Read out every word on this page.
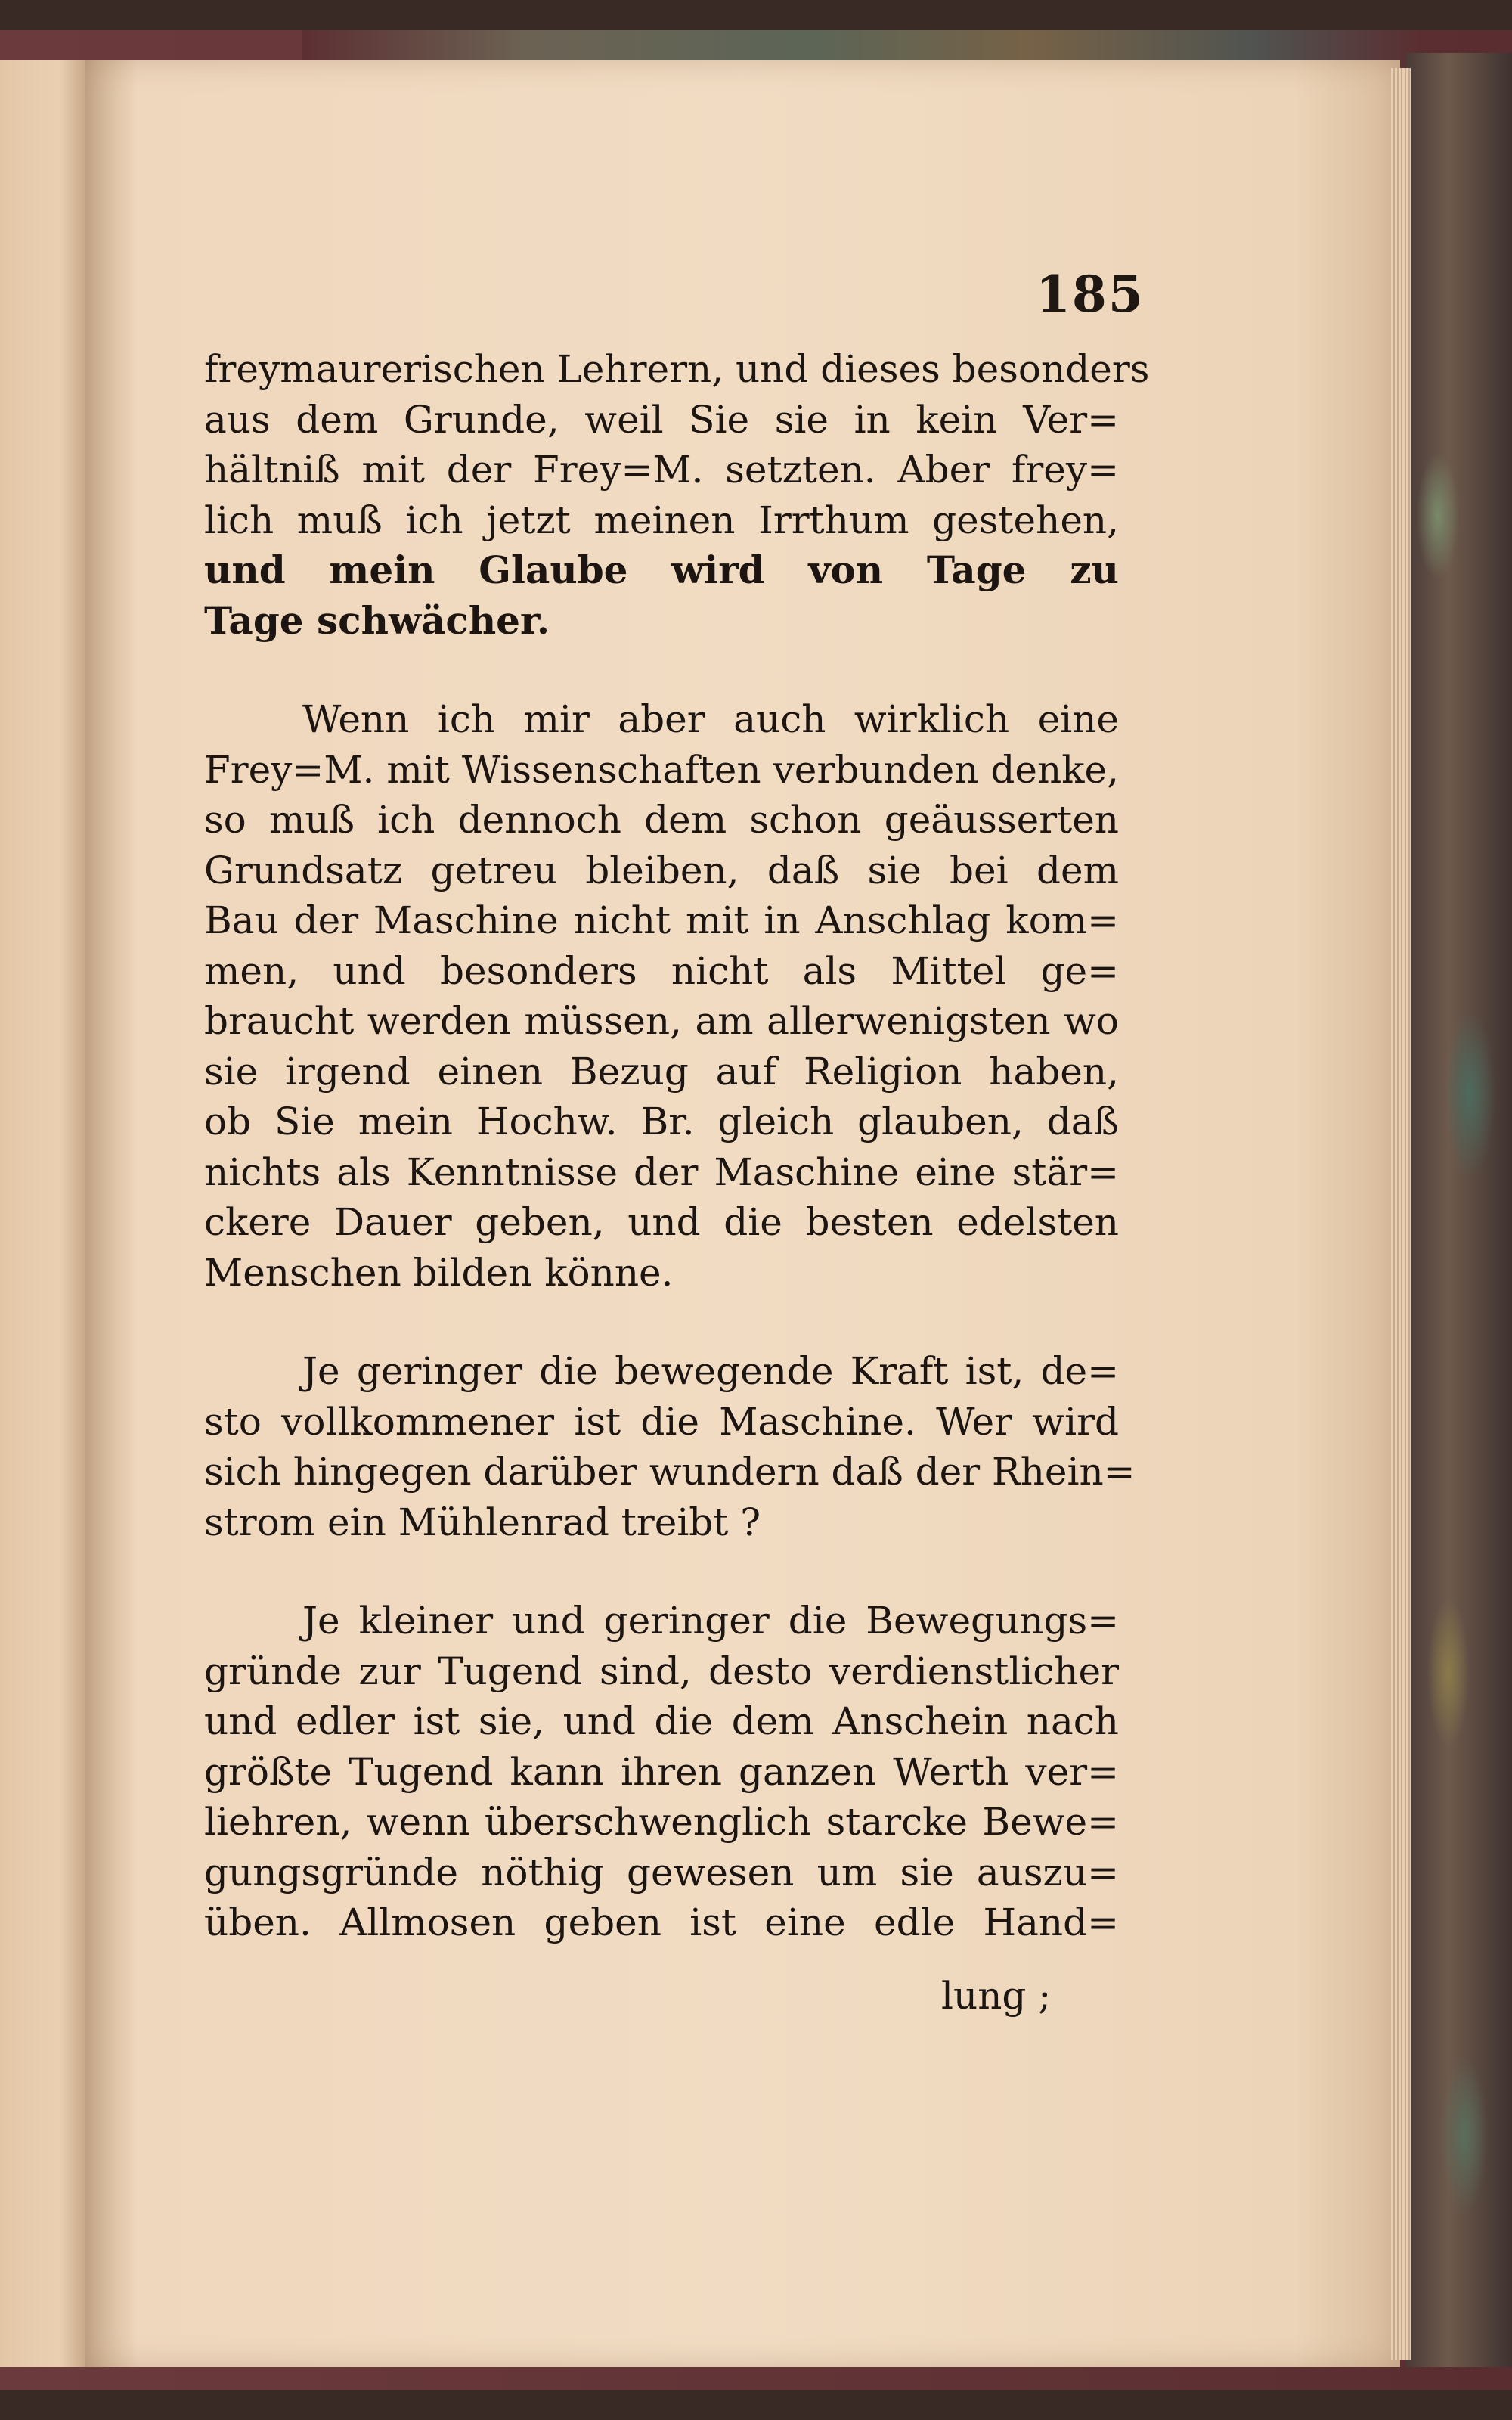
185
freymaurerischen Lehrern, und dieses besonders
aus dem Grunde, weil Sie sie in kein Ver=
hältniß mit der Frey=M. setzten. Aber frey=
lich muß ich jetzt meinen Irrthum gestehen,
und mein Glaube wird von Tage zu
Tage schwächer.
Wenn ich mir aber auch wirklich eine
Frey=M. mit Wissenschaften verbunden denke,
so muß ich dennoch dem schon geäusserten
Grundsatz getreu bleiben, daß sie bei dem
Bau der Maschine nicht mit in Anschlag kom=
men, und besonders nicht als Mittel ge=
braucht werden müssen, am allerwenigsten wo
sie irgend einen Bezug auf Religion haben,
ob Sie mein Hochw. Br. gleich glauben, daß
nichts als Kenntnisse der Maschine eine stär=
ckere Dauer geben, und die besten edelsten
Menschen bilden könne.
Je geringer die bewegende Kraft ist, de=
sto vollkommener ist die Maschine. Wer wird
sich hingegen darüber wundern daß der Rhein=
strom ein Mühlenrad treibt ?
Je kleiner und geringer die Bewegungs=
gründe zur Tugend sind, desto verdienstlicher
und edler ist sie, und die dem Anschein nach
größte Tugend kann ihren ganzen Werth ver=
liehren, wenn überschwenglich starcke Bewe=
gungsgründe nöthig gewesen um sie auszu=
üben. Allmosen geben ist eine edle Hand=
lung ;
